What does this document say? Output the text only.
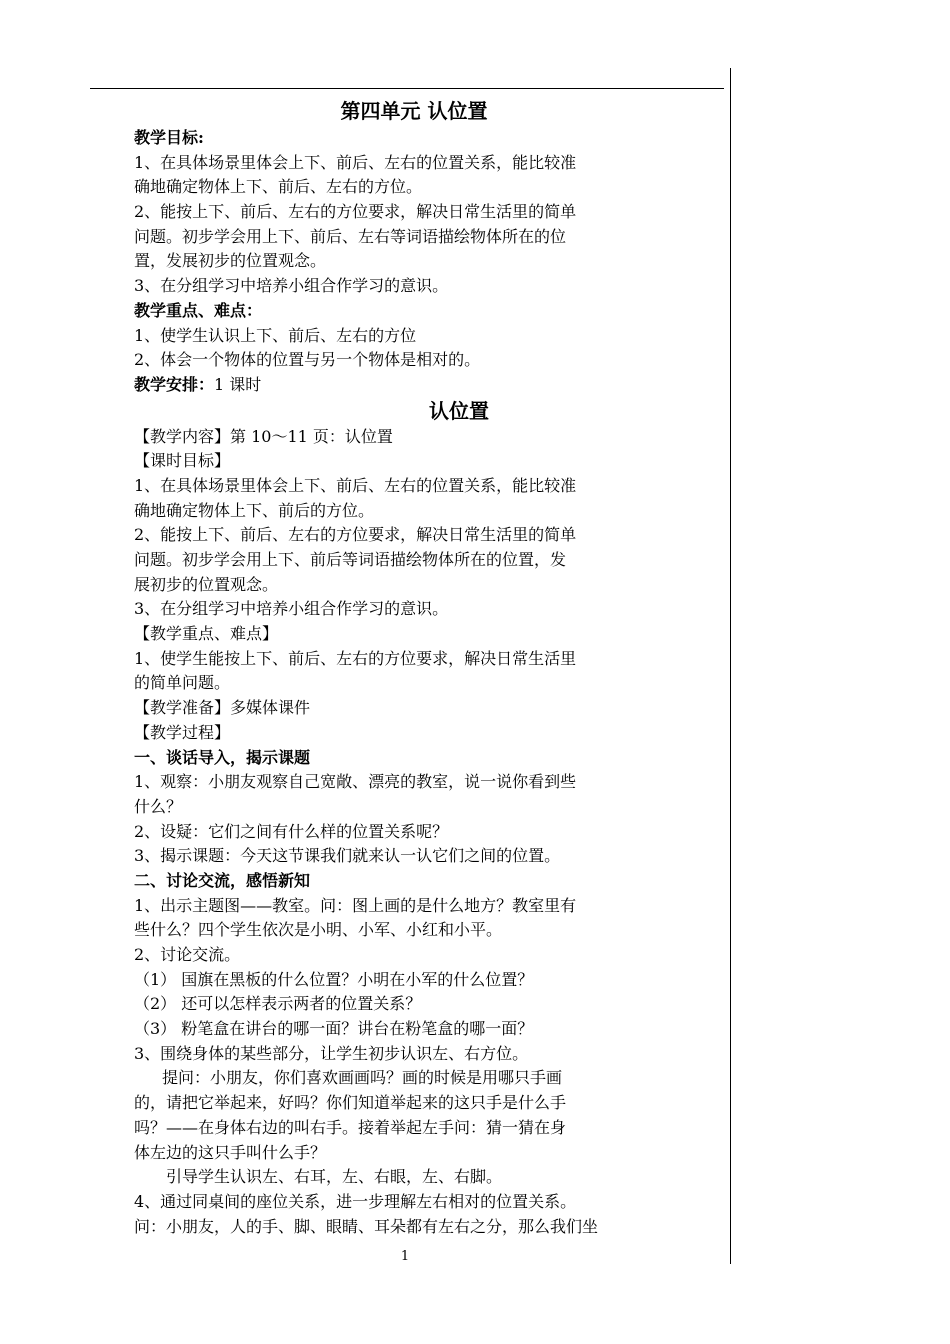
第四单元 认位置
教学目标:
1、在具体场景里体会上下、前后、左右的位置关系，能比较准
确地确定物体上下、前后、左右的方位。
2、能按上下、前后、左右的方位要求，解决日常生活里的简单
问题。初步学会用上下、前后、左右等词语描绘物体所在的位
置，发展初步的位置观念。
3、在分组学习中培养小组合作学习的意识。
教学重点、难点：
1、使学生认识上下、前后、左右的方位
2、体会一个物体的位置与另一个物体是相对的。
教学安排：1 课时
认位置
【教学内容】第 10～11 页：认位置
【课时目标】
1、在具体场景里体会上下、前后、左右的位置关系，能比较准
确地确定物体上下、前后的方位。
2、能按上下、前后、左右的方位要求，解决日常生活里的简单
问题。初步学会用上下、前后等词语描绘物体所在的位置，发
展初步的位置观念。
3、在分组学习中培养小组合作学习的意识。
【教学重点、难点】
1、使学生能按上下、前后、左右的方位要求，解决日常生活里
的简单问题。
【教学准备】多媒体课件
【教学过程】
一、谈话导入，揭示课题
1、观察：小朋友观察自己宽敞、漂亮的教室，说一说你看到些
什么？
2、设疑：它们之间有什么样的位置关系呢？
3、揭示课题：今天这节课我们就来认一认它们之间的位置。
二、讨论交流，感悟新知
1、出示主题图——教室。问：图上画的是什么地方？教室里有
些什么？四个学生依次是小明、小军、小红和小平。
2、讨论交流。
（1） 国旗在黑板的什么位置？小明在小军的什么位置？
（2） 还可以怎样表示两者的位置关系？
（3） 粉笔盒在讲台的哪一面？讲台在粉笔盒的哪一面？
3、围绕身体的某些部分，让学生初步认识左、右方位。
提问：小朋友，你们喜欢画画吗？画的时候是用哪只手画
的，请把它举起来，好吗？你们知道举起来的这只手是什么手
吗？——在身体右边的叫右手。接着举起左手问：猜一猜在身
体左边的这只手叫什么手？
引导学生认识左、右耳，左、右眼，左、右脚。
4、通过同桌间的座位关系，进一步理解左右相对的位置关系。
问：小朋友，人的手、脚、眼睛、耳朵都有左右之分，那么我们坐
1
